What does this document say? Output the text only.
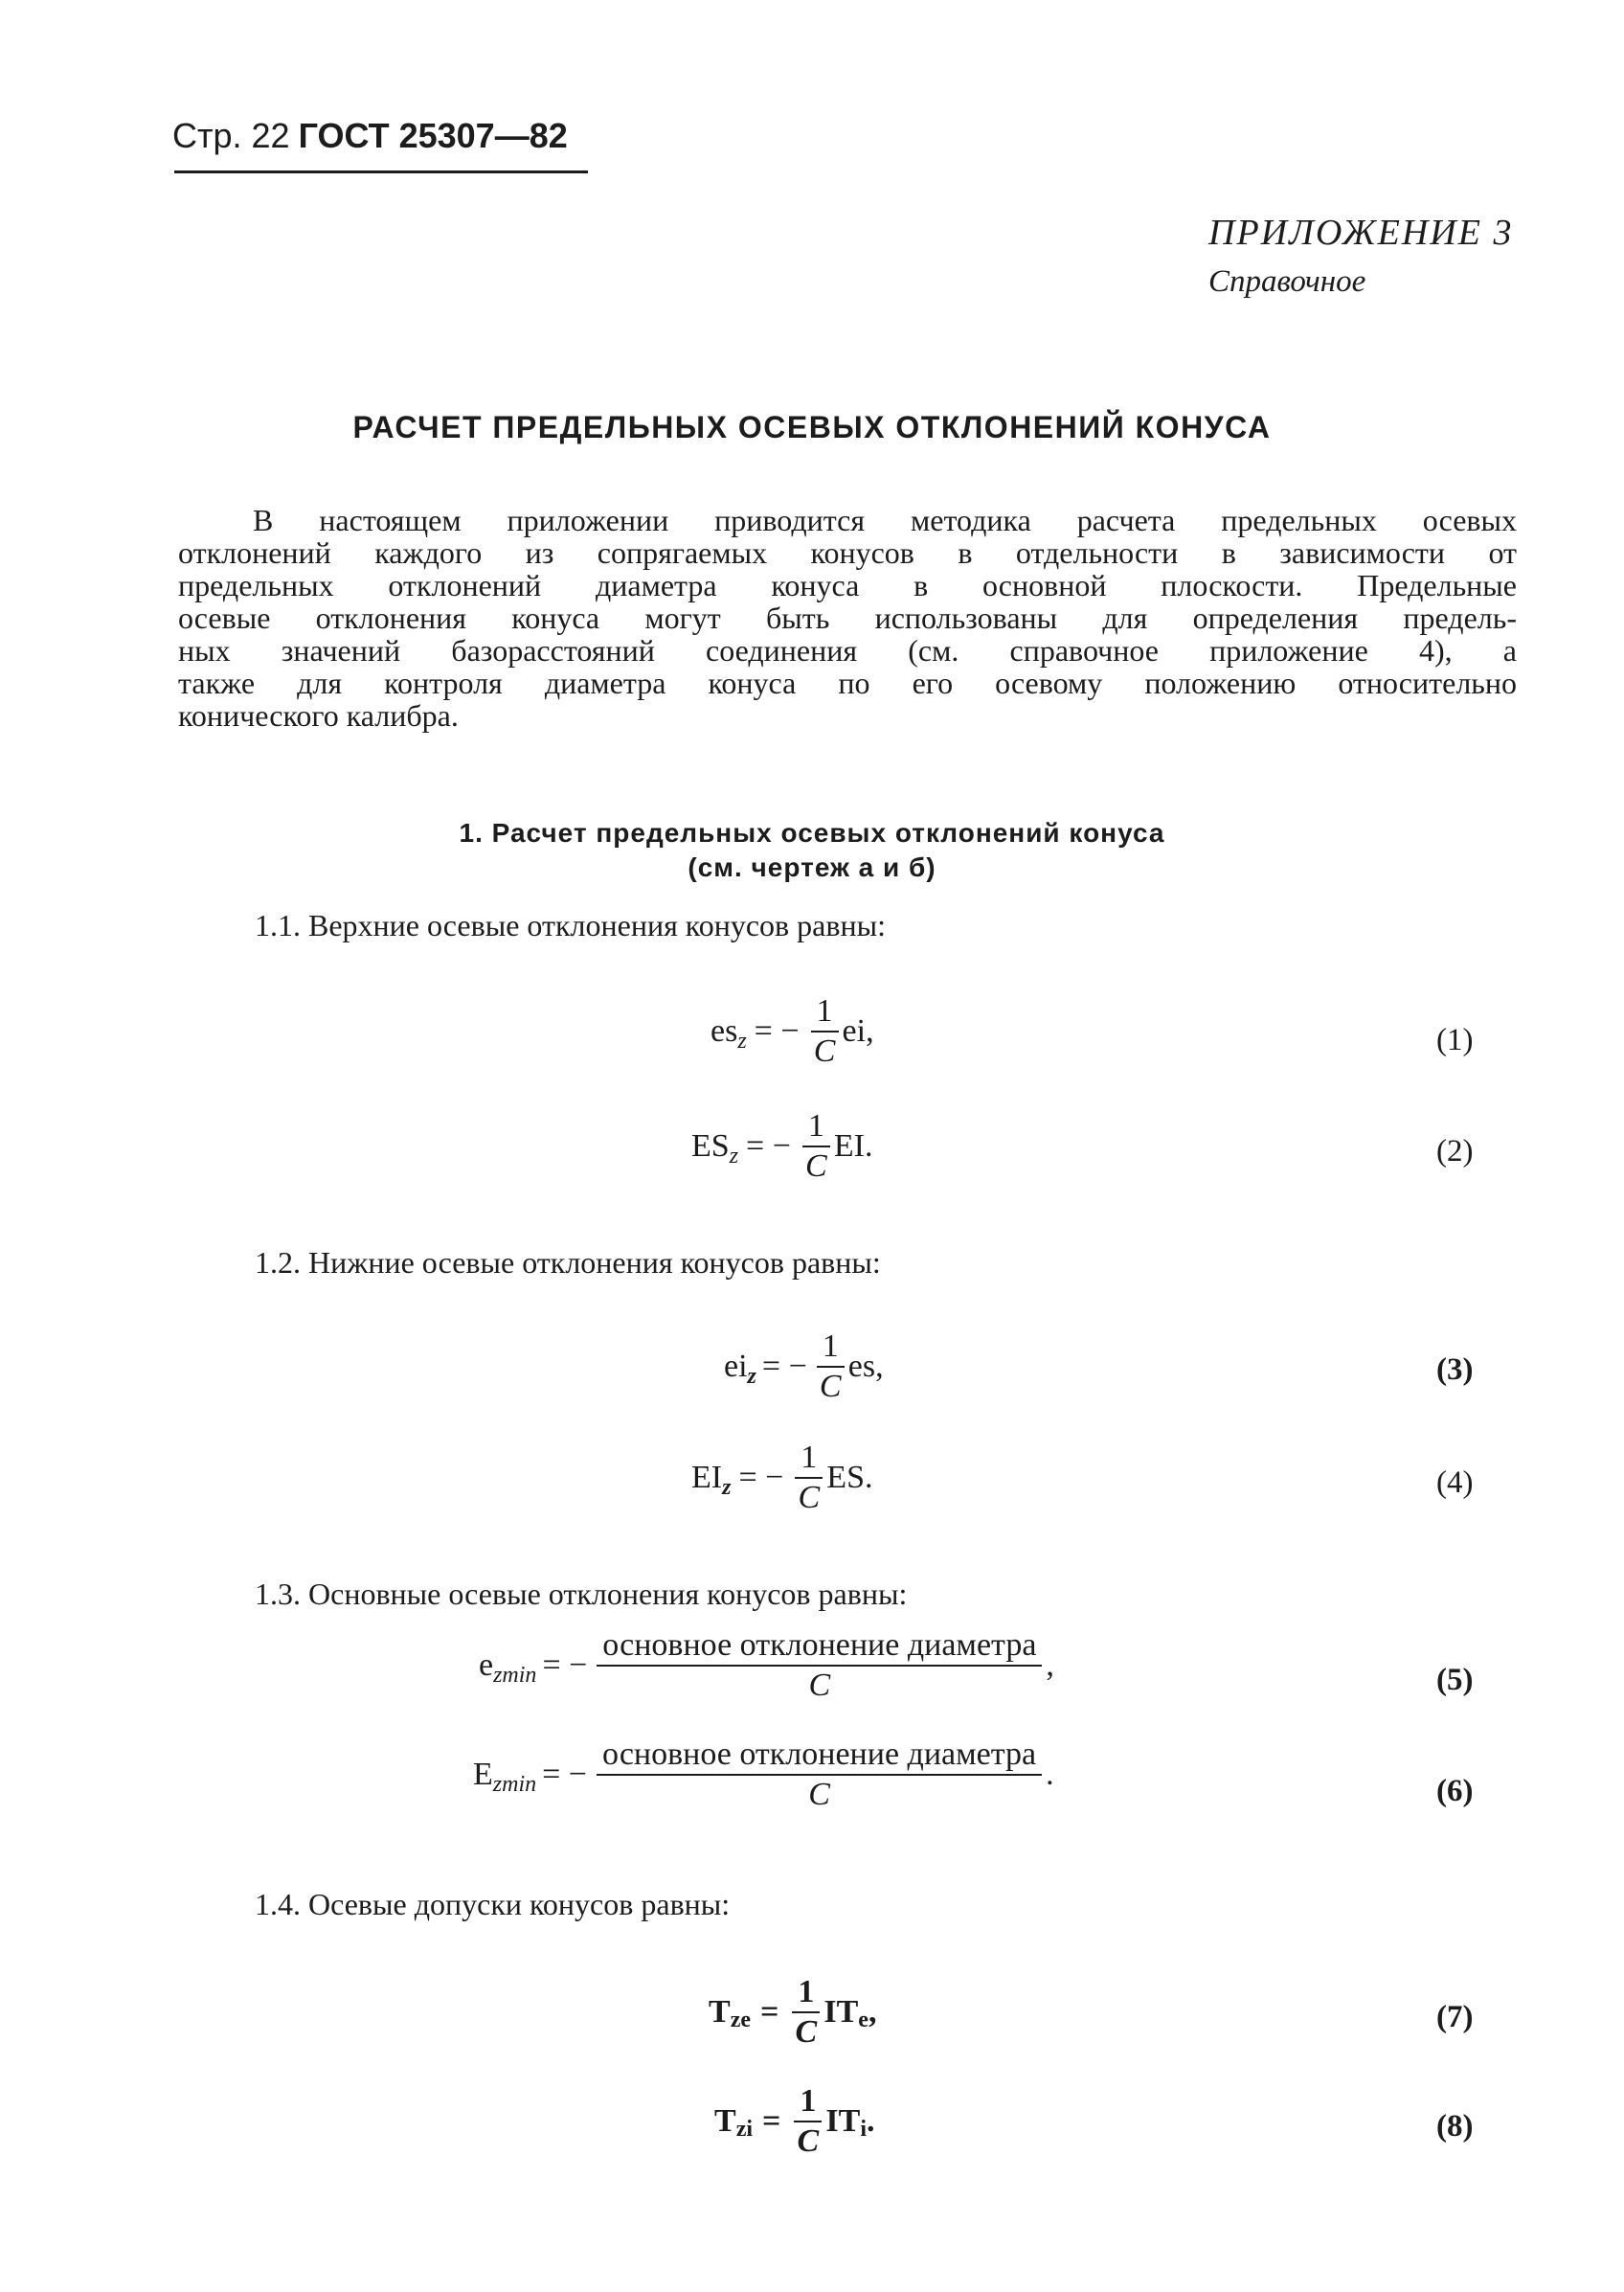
Стр. 22 ГОСТ 25307—82
ПРИЛОЖЕНИЕ 3
Справочное
РАСЧЕТ ПРЕДЕЛЬНЫХ ОСЕВЫХ ОТКЛОНЕНИЙ КОНУСА
В настоящем приложении приводится методика расчета предельных осевых
отклонений каждого из сопрягаемых конусов в отдельности в зависимости от
предельных отклонений диаметра конуса в основной плоскости. Предельные
осевые отклонения конуса могут быть использованы для определения предель-
ных значений базорасстояний соединения (см. справочное приложение 4), а
также для контроля диаметра конуса по его осевому положению относительно
конического калибра.
1. Расчет предельных осевых отклонений конуса
(см. чертеж а и б)
1.1. Верхние осевые отклонения конусов равны:
es z = − $\frac{1}{C}$ ei,	(1)
ES z = − $\frac{1}{C}$ EI.	(2)
1.2. Нижние осевые отклонения конусов равны:
ei z = − $\frac{1}{C}$ es,	(3)
EI z = − $\frac{1}{C}$ ES.	(4)
1.3. Основные осевые отклонения конусов равны:
e zmin = − $\frac{\text{основное отклонение диаметра}}{C}$ ,	(5)
E zmin = − $\frac{\text{основное отклонение диаметра}}{C}$ .	(6)
1.4. Осевые допуски конусов равны:
T ze = $\frac{1}{C}$ IT e ,	(7)
T zi = $\frac{1}{C}$ IT i .	(8)
